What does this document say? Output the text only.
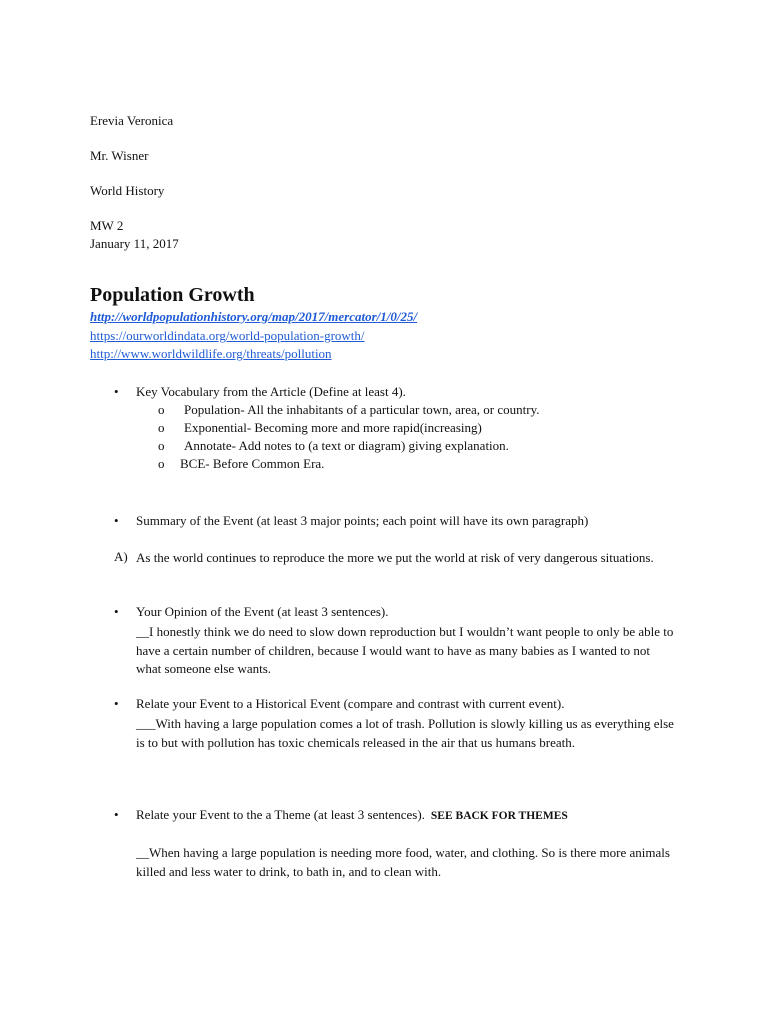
Erevia Veronica
Mr. Wisner
World History
MW 2
January 11, 2017
Population Growth
http://worldpopulationhistory.org/map/2017/mercator/1/0/25/
https://ourworldindata.org/world-population-growth/
http://www.worldwildlife.org/threats/pollution
• Key Vocabulary from the Article (Define at least 4).
o Population- All the inhabitants of a particular town, area, or country.
o Exponential- Becoming more and more rapid(increasing)
o Annotate- Add notes to (a text or diagram) giving explanation.
o BCE- Before Common Era.
• Summary of the Event (at least 3 major points; each point will have its own paragraph)
A) As the world continues to reproduce the more we put the world at risk of very dangerous situations.
• Your Opinion of the Event (at least 3 sentences).
__I honestly think we do need to slow down reproduction but I wouldn’t want people to only be able to have a certain number of children, because I would want to have as many babies as I wanted to not what someone else wants.
• Relate your Event to a Historical Event (compare and contrast with current event).
___With having a large population comes a lot of trash. Pollution is slowly killing us as everything else is to but with pollution has toxic chemicals released in the air that us humans breath.
• Relate your Event to the a Theme (at least 3 sentences). SEE BACK FOR THEMES
__When having a large population is needing more food, water, and clothing. So is there more animals killed and less water to drink, to bath in, and to clean with.
